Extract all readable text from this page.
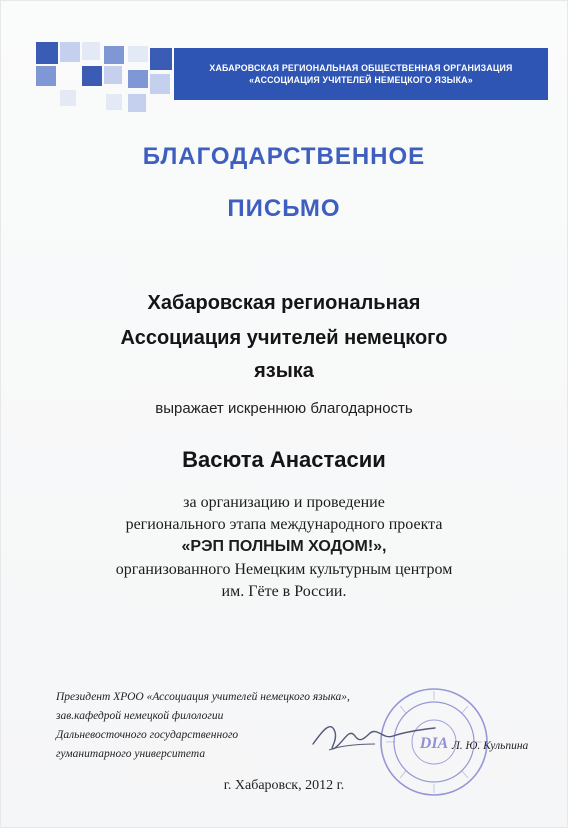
ХАБАРОВСКАЯ РЕГИОНАЛЬНАЯ ОБЩЕСТВЕННАЯ ОРГАНИЗАЦИЯ
«АССОЦИАЦИЯ УЧИТЕЛЕЙ НЕМЕЦКОГО ЯЗЫКА»
БЛАГОДАРСТВЕННОЕ
ПИСЬМО
Хабаровская региональная
Ассоциация учителей немецкого
языка
выражает искреннюю благодарность
Васюта Анастасии
за организацию и проведение
регионального этапа международного проекта
«РЭП ПОЛНЫМ ХОДОМ!»,
организованного Немецким культурным центром
им. Гёте в России.
Президент ХРОО «Ассоциация учителей немецкого языка»,
зав.кафедрой немецкой филологии
Дальневосточного государственного
гуманитарного университета
DIA Л. Ю. Кульпина
г. Хабаровск, 2012 г.
